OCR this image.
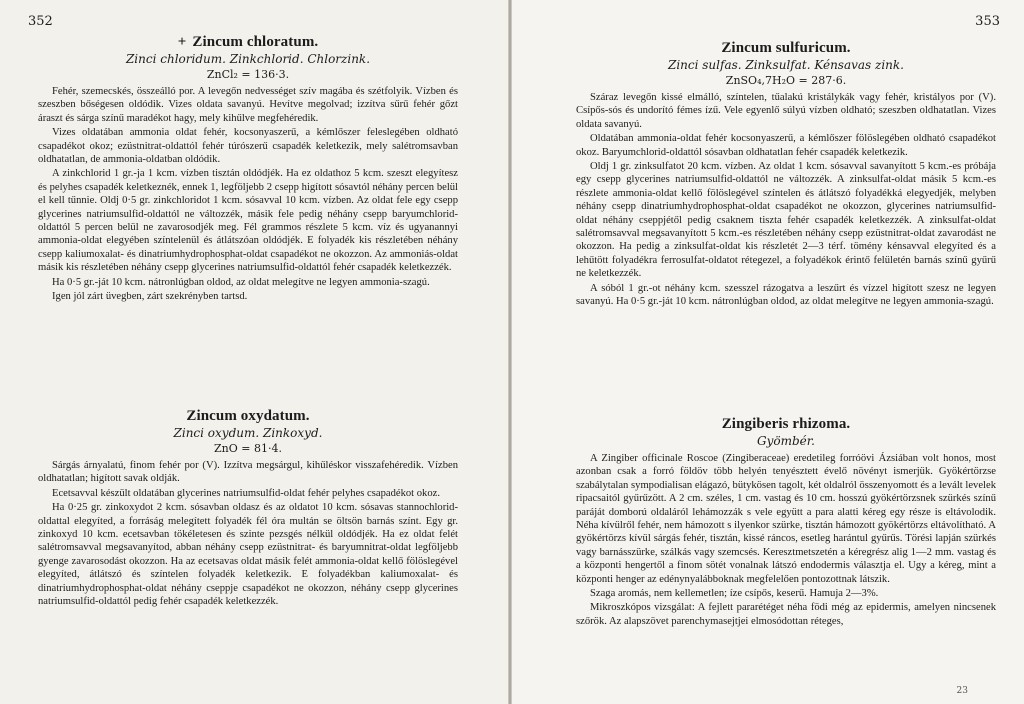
352
+ Zincum chloratum.
Zinci chloridum. Zinkchlorid. Chlorzink.
ZnCl₂ = 136·3.

Fehér, szemecskés, összeálló por. A levegőn nedvességet szív magába és szétfolyik. Vízben és szeszben bőségesen oldódik. Vizes oldata savanyú. Hevítve megolvad; izzítva sűrű fehér gőzt áraszt és sárga színű maradékot hagy, mely kihűlve megfehéredik.

Vizes oldatában ammonia oldat fehér, kocsonyaszerű, a kémlőszer feleslegében oldható csapadékot okoz; ezüstnitrat-oldattól fehér túrószerű csapadék keletkezik, mely salétromsavban oldhatatlan, de ammonia-oldatban oldódik.

A zinkchlorid 1 gr.-ja 1 kcm. vízben tisztán oldódjék. Ha ez oldathoz 5 kcm. szeszt elegyítesz és pelyhes csapadék keletkeznék, ennek 1, legföljebb 2 csepp higított sósavtól néhány percen belül el kell tűnnie. Oldj 0·5 gr. zinkchloridot 1 kcm. sósavval 10 kcm. vízben. Az oldat fele egy csepp glycerines natriumsulfid-oldattól ne változzék, másik fele pedig néhány csepp baryumchlorid-oldattól 5 percen belül ne zavarosodjék meg. Fél grammos részlete 5 kcm. víz és ugyanannyi ammonia-oldat elegyében színtelenül és átlátszóan oldódjék. E folyadék kis részletében néhány csepp kaliumoxalat- és dinatriumhydrophosphat-oldat csapadékot ne okozzon. Az ammoniás-oldat másik kis részletében néhány csepp glycerines natriumsulfid-oldattól fehér csapadék keletkezzék.

Ha 0·5 gr.-ját 10 kcm. nátronlúgban oldod, az oldat melegítve ne legyen ammonia-szagú.

Igen jól zárt üvegben, zárt szekrényben tartsd.

Zincum oxydatum.
Zinci oxydum. Zinkoxyd.
ZnO = 81·4.

Sárgás árnyalatú, finom fehér por (V). Izzítva megsárgul, kihűléskor visszafehéredik. Vízben oldhatatlan; higított savak oldják.

Ecetsavval készült oldatában glycerines natriumsulfid-oldat fehér pelyhes csapadékot okoz.

Ha 0·25 gr. zinkoxydot 2 kcm. sósavban oldasz és az oldatot 10 kcm. sósavas stannochlorid-oldattal elegyíted, a forráság melegített folyadék fél óra multán se öltsön barnás színt. Egy gr. zinkoxyd 10 kcm. ecetsavban tökéletesen és szinte pezsgés nélkül oldódjék. Ha ez oldat felét salétromsavval megsavanyítod, abban néhány csepp ezüstnitrat- és baryumnitrat-oldat legföljebb gyenge zavarosodást okozzon. Ha az ecetsavas oldat másik felét ammonia-oldat kellő fölöslegével elegyíted, átlátszó és színtelen folyadék keletkezik. E folyadékban kaliumoxalat- és dinatriumhydrophosphat-oldat néhány cseppje csapadékot ne okozzon, néhány csepp glycerines natriumsulfid-oldattól pedig fehér csapadék keletkezzék.

353
Zincum sulfuricum.
Zinci sulfas. Zinksulfat. Kénsavas zink.
ZnSO₄,7H₂O = 287·6.

Száraz levegőn kissé elmálló, színtelen, tűalakú kristálykák vagy fehér, kristályos por (V). Csípős-sós és undorító fémes ízű. Vele egyenlő súlyú vízben oldható; szeszben oldhatatlan. Vizes oldata savanyú.

Oldatában ammonia-oldat fehér kocsonyaszerű, a kémlőszer fölöslegében oldható csapadékot okoz. Baryumchlorid-oldattól sósavban oldhatatlan fehér csapadék keletkezik.

Oldj 1 gr. zinksulfatot 20 kcm. vízben. Az oldat 1 kcm. sósavval savanyított 5 kcm.-es próbája egy csepp glycerines natriumsulfid-oldattól ne változzék. A zinksulfat-oldat másik 5 kcm.-es részlete ammonia-oldat kellő fölöslegével színtelen és átlátszó folyadékká elegyedjék, melyben néhány csepp dinatriumhydrophosphat-oldat csapadékot ne okozzon, glycerines natriumsulfid-oldat néhány cseppjétől pedig csaknem tiszta fehér csapadék keletkezzék. A zinksulfat-oldat salétromsavval megsavanyított 5 kcm.-es részletében néhány csepp ezüstnitrat-oldat zavarodást ne okozzon. Ha pedig a zinksulfat-oldat kis részletét 2—3 térf. tömény kénsavval elegyíted és a lehűtött folyadékra ferrosulfat-oldatot rétegezel, a folyadékok érintő felületén barnás színű gyűrű ne keletkezzék.

A sóból 1 gr.-ot néhány kcm. szesszel rázogatva a leszűrt és vízzel higított szesz ne legyen savanyú. Ha 0·5 gr.-ját 10 kcm. nátronlúgban oldod, az oldat melegítve ne legyen ammonia-szagú.

Zingiberis rhizoma.
Gyömbér.

A Zingiber officinale Roscoe (Zingiberaceae) eredetileg forróövi Ázsiában volt honos, most azonban csak a forró földöv több helyén tenyésztett évelő növényt ismerjük. Gyökértörzse szabálytalan sympodialisan elágazó, bütykösen tagolt, két oldalról összenyomott és a levált levelek ripacsaitól gyűrűzött. A 2 cm. széles, 1 cm. vastag és 10 cm. hosszú gyökértörzsnek szürkés színű paráját domború oldaláról lehámozzák s vele együtt a para alatti kéreg egy része is eltávolodik. Néha kívülről fehér, nem hámozott s ilyenkor szürke, tisztán hámozott gyökértörzs eltávolítható. A gyökértörzs kívül sárgás fehér, tisztán, kissé ráncos, esetleg harántul gyűrűs. Törési lapján szürkés vagy barnásszürke, szálkás vagy szemcsés. Keresztmetszetén a kéregrész alig 1—2 mm. vastag és a központi hengertől a finom sötét vonalnak látszó endodermis választja el. Ugy a kéreg, mint a központi henger az edénynyalábboknak megfelelően pontozottnak látszik.

Szaga aromás, nem kellemetlen; íze csípős, keserű. Hamuja 2—3%.

Mikroszkópos vizsgálat: A fejlett pararétéget néha födi még az epidermis, amelyen nincsenek szőrök. Az alapszövet parenchymasejtjei elmosódottan réteges,

23
